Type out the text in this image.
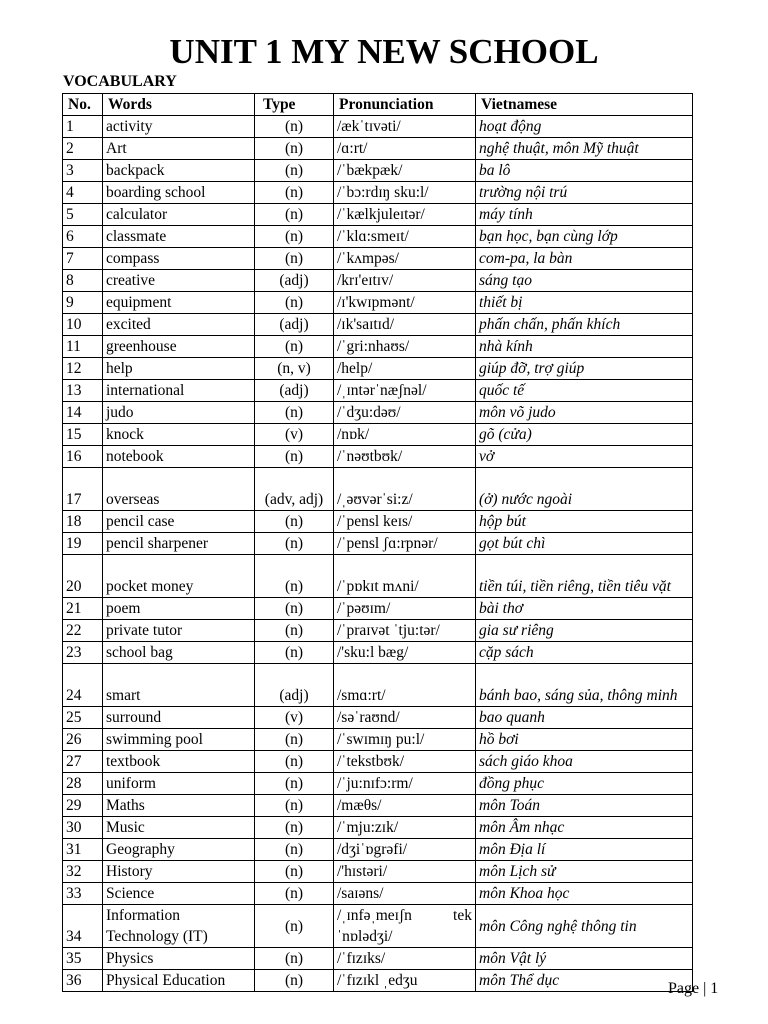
UNIT 1 MY NEW SCHOOL
VOCABULARY
No.	Words	Type	Pronunciation	Vietnamese
1	activity	(n)	/ækˈtɪvəti/	hoạt động
2	Art	(n)	/ɑ:rt/	nghệ thuật, môn Mỹ thuật
3	backpack	(n)	/ˈbækpæk/	ba lô
4	boarding school	(n)	/ˈbɔ:rdɪŋ sku:l/	trường nội trú
5	calculator	(n)	/ˈkælkjuleɪtər/	máy tính
6	classmate	(n)	/ˈklɑ:smeɪt/	bạn học, bạn cùng lớp
7	compass	(n)	/ˈkʌmpəs/	com-pa, la bàn
8	creative	(adj)	/krɪ'eɪtɪv/	sáng tạo
9	equipment	(n)	/ɪ'kwɪpmənt/	thiết bị
10	excited	(adj)	/ɪk'saɪtɪd/	phấn chấn, phấn khích
11	greenhouse	(n)	/ˈgri:nhaʊs/	nhà kính
12	help	(n, v)	/help/	giúp đỡ, trợ giúp
13	international	(adj)	/ˌɪntərˈnæʃnəl/	quốc tế
14	judo	(n)	/ˈdʒu:dəʊ/	môn võ judo
15	knock	(v)	/nɒk/	gõ (cửa)
16	notebook	(n)	/ˈnəʊtbʊk/	vở
17	overseas	(adv, adj)	/ˌəʊvərˈsi:z/	(ở) nước ngoài
18	pencil case	(n)	/ˈpensl keɪs/	hộp bút
19	pencil sharpener	(n)	/ˈpensl ʃɑ:rpnər/	gọt bút chì
20	pocket money	(n)	/ˈpɒkɪt mʌni/	tiền túi, tiền riêng, tiền tiêu vặt
21	poem	(n)	/ˈpəʊɪm/	bài thơ
22	private tutor	(n)	/ˈpraɪvət ˈtju:tər/	gia sư riêng
23	school bag	(n)	/'sku:l bæg/	cặp sách
24	smart	(adj)	/smɑ:rt/	bánh bao, sáng sủa, thông minh
25	surround	(v)	/səˈraʊnd/	bao quanh
26	swimming pool	(n)	/ˈswɪmɪŋ pu:l/	hồ bơi
27	textbook	(n)	/ˈtekstbʊk/	sách giáo khoa
28	uniform	(n)	/ˈju:nɪfɔ:rm/	đồng phục
29	Maths	(n)	/mæθs/	môn Toán
30	Music	(n)	/ˈmju:zɪk/	môn Âm nhạc
31	Geography	(n)	/dʒiˈɒgrəfi/	môn Địa lí
32	History	(n)	/'hɪstəri/	môn Lịch sử
33	Science	(n)	/saɪəns/	môn Khoa học
34	Information Technology (IT)	(n)	/ˌɪnfəˌmeɪʃn tek ˈnɒlədʒi/	môn Công nghệ thông tin
35	Physics	(n)	/ˈfɪzɪks/	môn Vật lý
36	Physical Education	(n)	/ˈfɪzɪkl ˌedʒu	môn Thể dục	Page | 1
